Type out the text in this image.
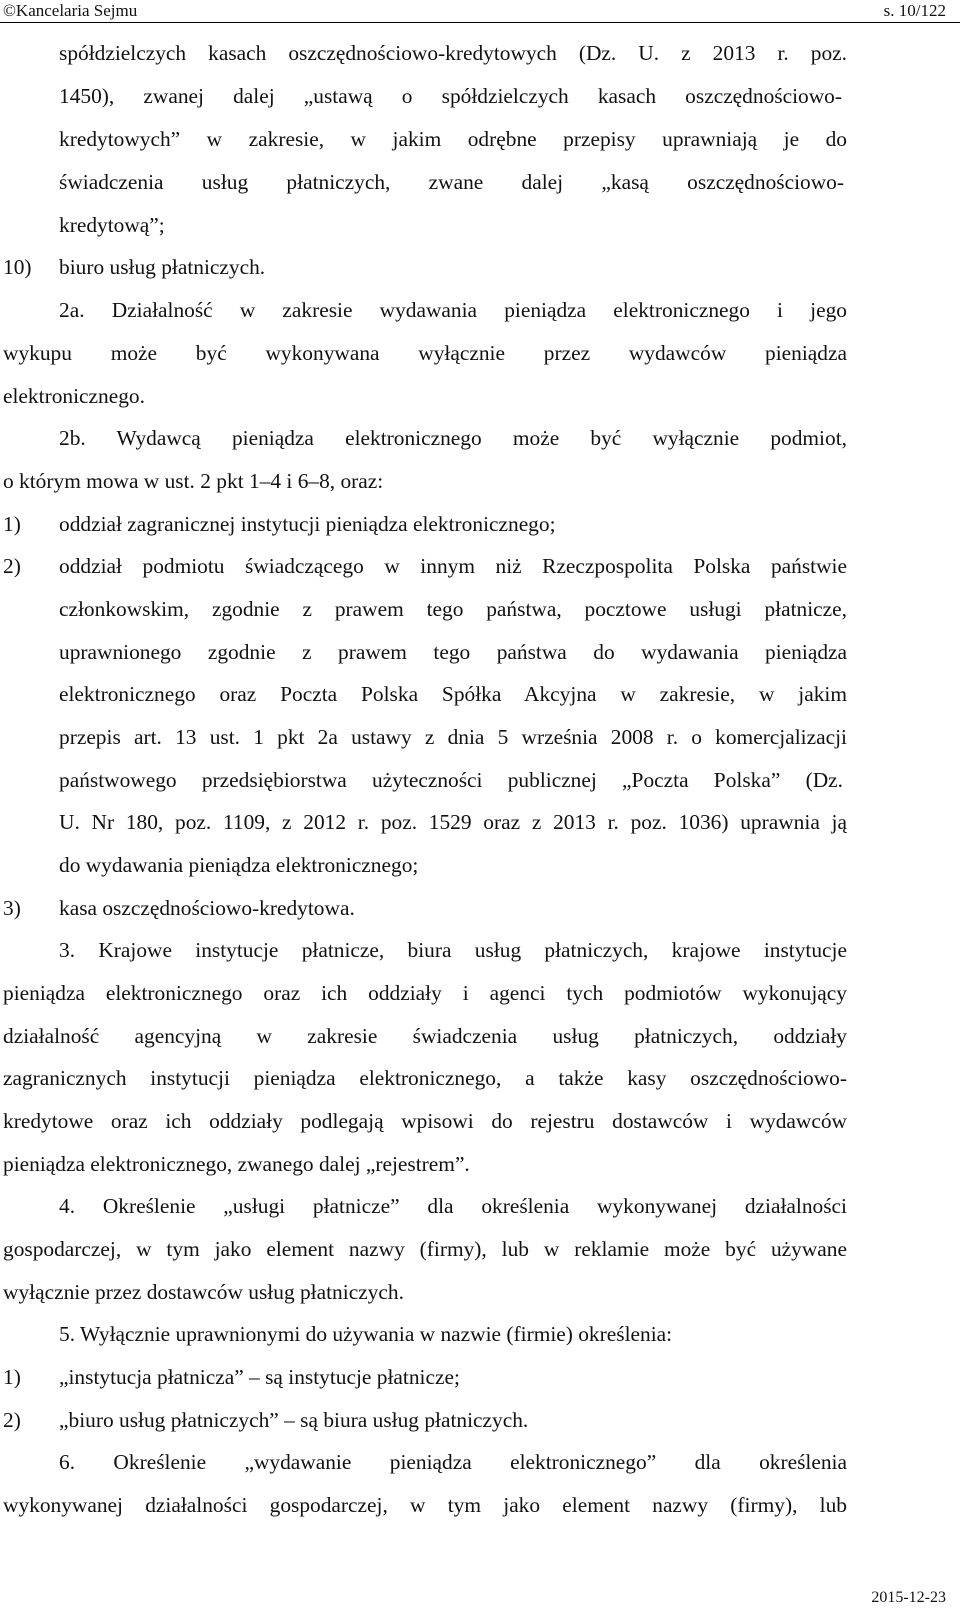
©Kancelaria Sejmu	s. 10/122
spółdzielczych kasach oszczędnościowo-kredytowych (Dz. U. z 2013 r. poz.
1450), zwanej dalej „ustawą o spółdzielczych kasach oszczędnościowo-
kredytowych” w zakresie, w jakim odrębne przepisy uprawniają je do
świadczenia usług płatniczych, zwane dalej „kasą oszczędnościowo-
kredytową”;
10) biuro usług płatniczych.
2a. Działalność w zakresie wydawania pieniądza elektronicznego i jego
wykupu może być wykonywana wyłącznie przez wydawców pieniądza
elektronicznego.
2b. Wydawcą pieniądza elektronicznego może być wyłącznie podmiot,
o którym mowa w ust. 2 pkt 1–4 i 6–8, oraz:
1) oddział zagranicznej instytucji pieniądza elektronicznego;
2) oddział podmiotu świadczącego w innym niż Rzeczpospolita Polska państwie
członkowskim, zgodnie z prawem tego państwa, pocztowe usługi płatnicze,
uprawnionego zgodnie z prawem tego państwa do wydawania pieniądza
elektronicznego oraz Poczta Polska Spółka Akcyjna w zakresie, w jakim
przepis art. 13 ust. 1 pkt 2a ustawy z dnia 5 września 2008 r. o komercjalizacji
państwowego przedsiębiorstwa użyteczności publicznej „Poczta Polska” (Dz.
U. Nr 180, poz. 1109, z 2012 r. poz. 1529 oraz z 2013 r. poz. 1036) uprawnia ją
do wydawania pieniądza elektronicznego;
3) kasa oszczędnościowo-kredytowa.
3. Krajowe instytucje płatnicze, biura usług płatniczych, krajowe instytucje
pieniądza elektronicznego oraz ich oddziały i agenci tych podmiotów wykonujący
działalność agencyjną w zakresie świadczenia usług płatniczych, oddziały
zagranicznych instytucji pieniądza elektronicznego, a także kasy oszczędnościowo-
kredytowe oraz ich oddziały podlegają wpisowi do rejestru dostawców i wydawców
pieniądza elektronicznego, zwanego dalej „rejestrem”.
4. Określenie „usługi płatnicze” dla określenia wykonywanej działalności
gospodarczej, w tym jako element nazwy (firmy), lub w reklamie może być używane
wyłącznie przez dostawców usług płatniczych.
5. Wyłącznie uprawnionymi do używania w nazwie (firmie) określenia:
1) „instytucja płatnicza” – są instytucje płatnicze;
2) „biuro usług płatniczych” – są biura usług płatniczych.
6. Określenie „wydawanie pieniądza elektronicznego” dla określenia
wykonywanej działalności gospodarczej, w tym jako element nazwy (firmy), lub
2015-12-23
